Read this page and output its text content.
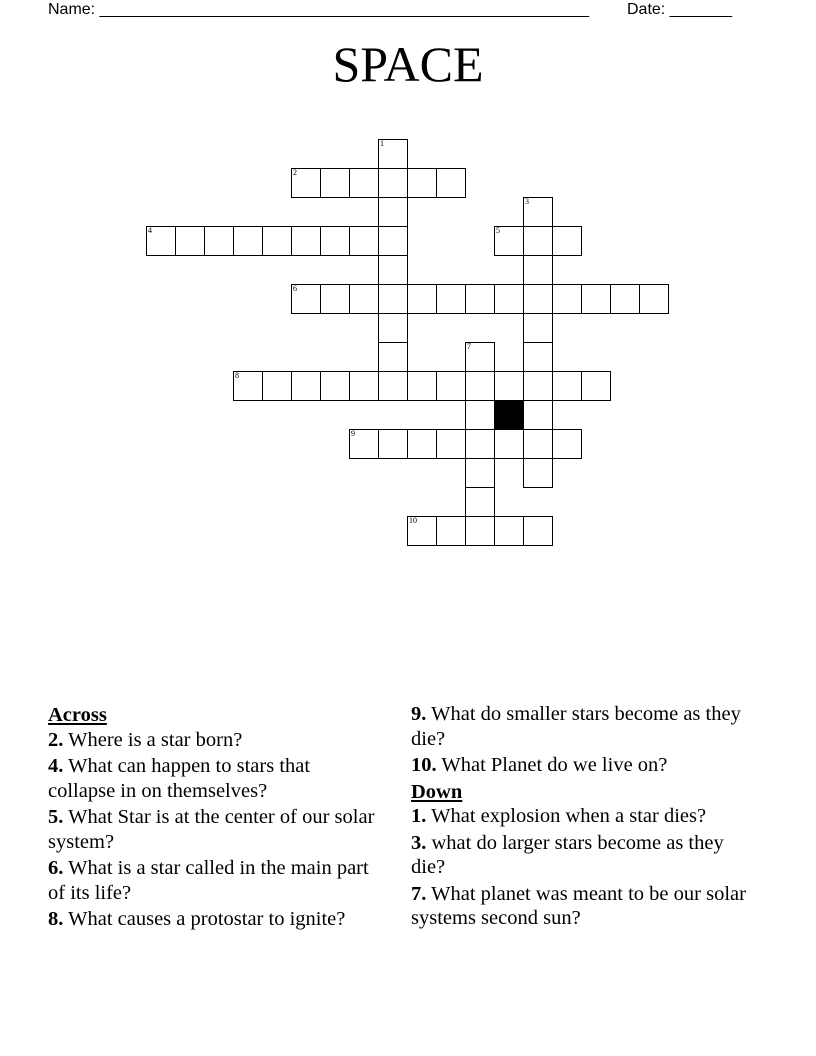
Name: _______________________________________________________ Date: _______
SPACE
1
2
3
4	5
6
7
8
9
10
Across
2. Where is a star born?
4. What can happen to stars that collapse in on themselves?
5. What Star is at the center of our solar system?
6. What is a star called in the main part of its life?
8. What causes a protostar to ignite?
9. What do smaller stars become as they die?
10. What Planet do we live on?
Down
1. What explosion when a star dies?
3. what do larger stars become as they die?
7. What planet was meant to be our solar systems second sun?
